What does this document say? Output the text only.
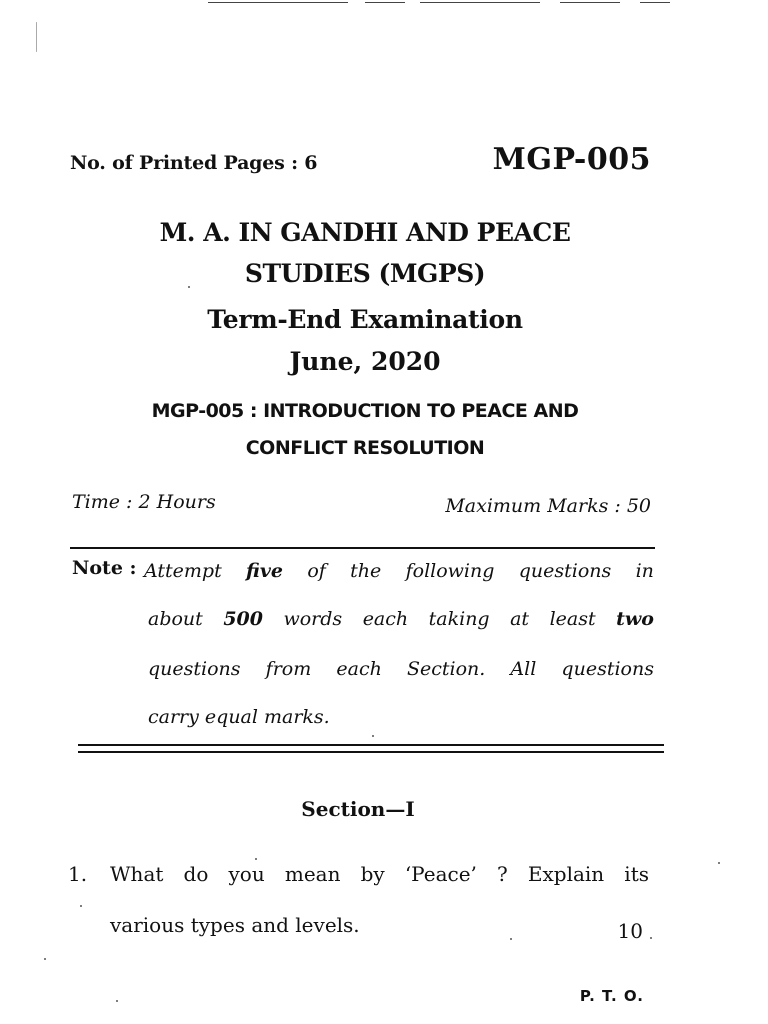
No. of Printed Pages : 6	MGP-005
M. A. IN GANDHI AND PEACE
STUDIES (MGPS)
Term-End Examination
June, 2020
MGP-005 : INTRODUCTION TO PEACE AND
CONFLICT RESOLUTION
Time : 2 Hours	Maximum Marks : 50
Note : Attempt five of the following questions in
about 500 words each taking at least two
questions from each Section. All questions
carry equal marks.
Section—I
1. What do you mean by ‘Peace’ ? Explain its
various types and levels.	10
P. T. O.
